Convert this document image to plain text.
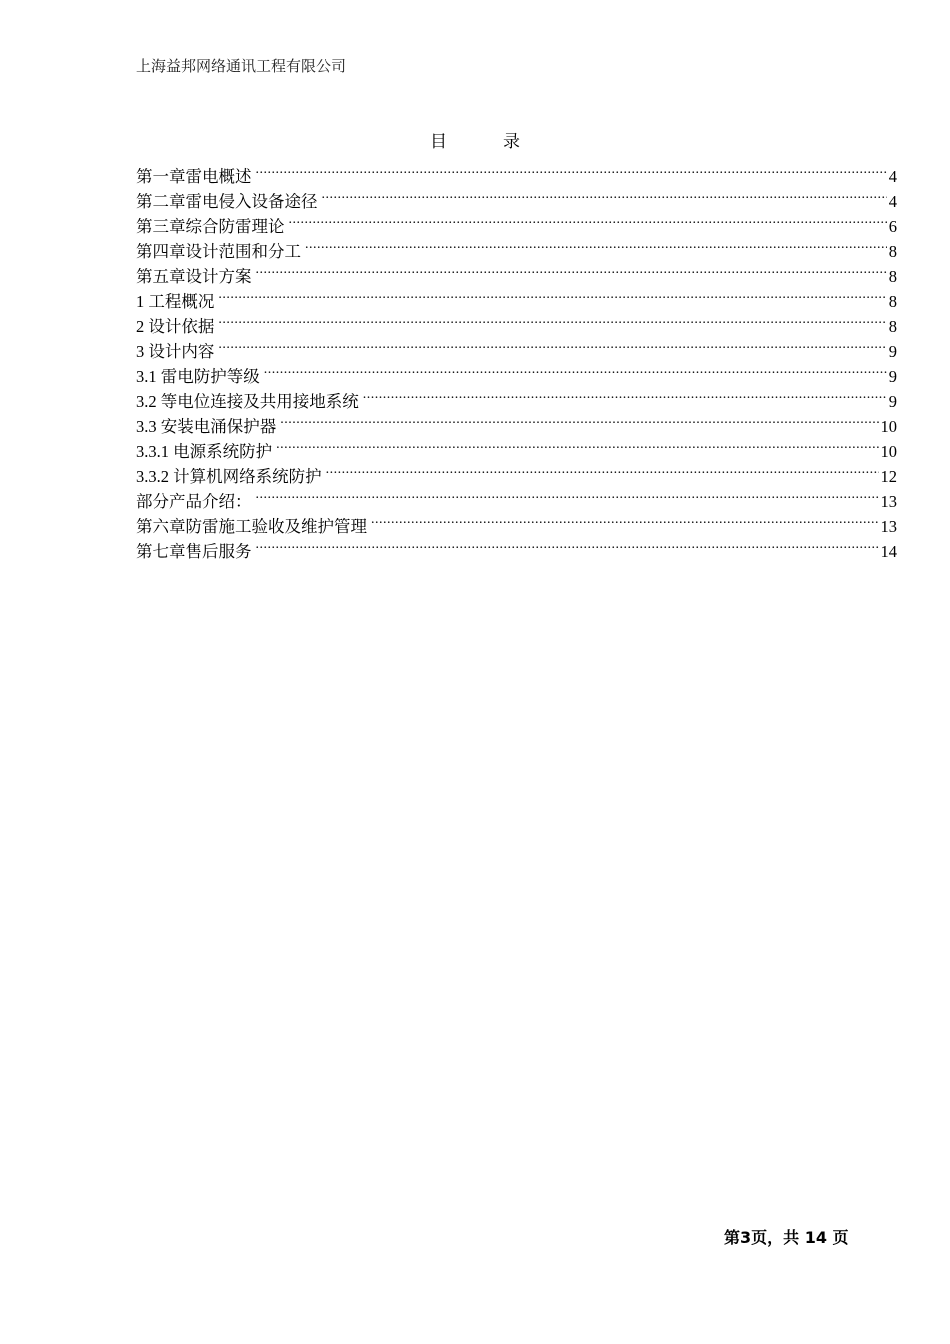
上海益邦网络通讯工程有限公司
目	录
第一章雷电概述 .....	4
第二章雷电侵入设备途径 .....	4
第三章综合防雷理论 .....	6
第四章设计范围和分工 .....	8
第五章设计方案 .....	8
1 工程概况 .....	8
2 设计依据 .....	8
3 设计内容 .....	9
3.1 雷电防护等级 .....	9
3.2 等电位连接及共用接地系统 .....	9
3.3 安装电涌保护器 .....	10
3.3.1 电源系统防护 .....	10
3.3.2 计算机网络系统防护 .....	12
部分产品介绍： .....	13
第六章防雷施工验收及维护管理 .....	13
第七章售后服务 .....	14
第3页，共 14 页
